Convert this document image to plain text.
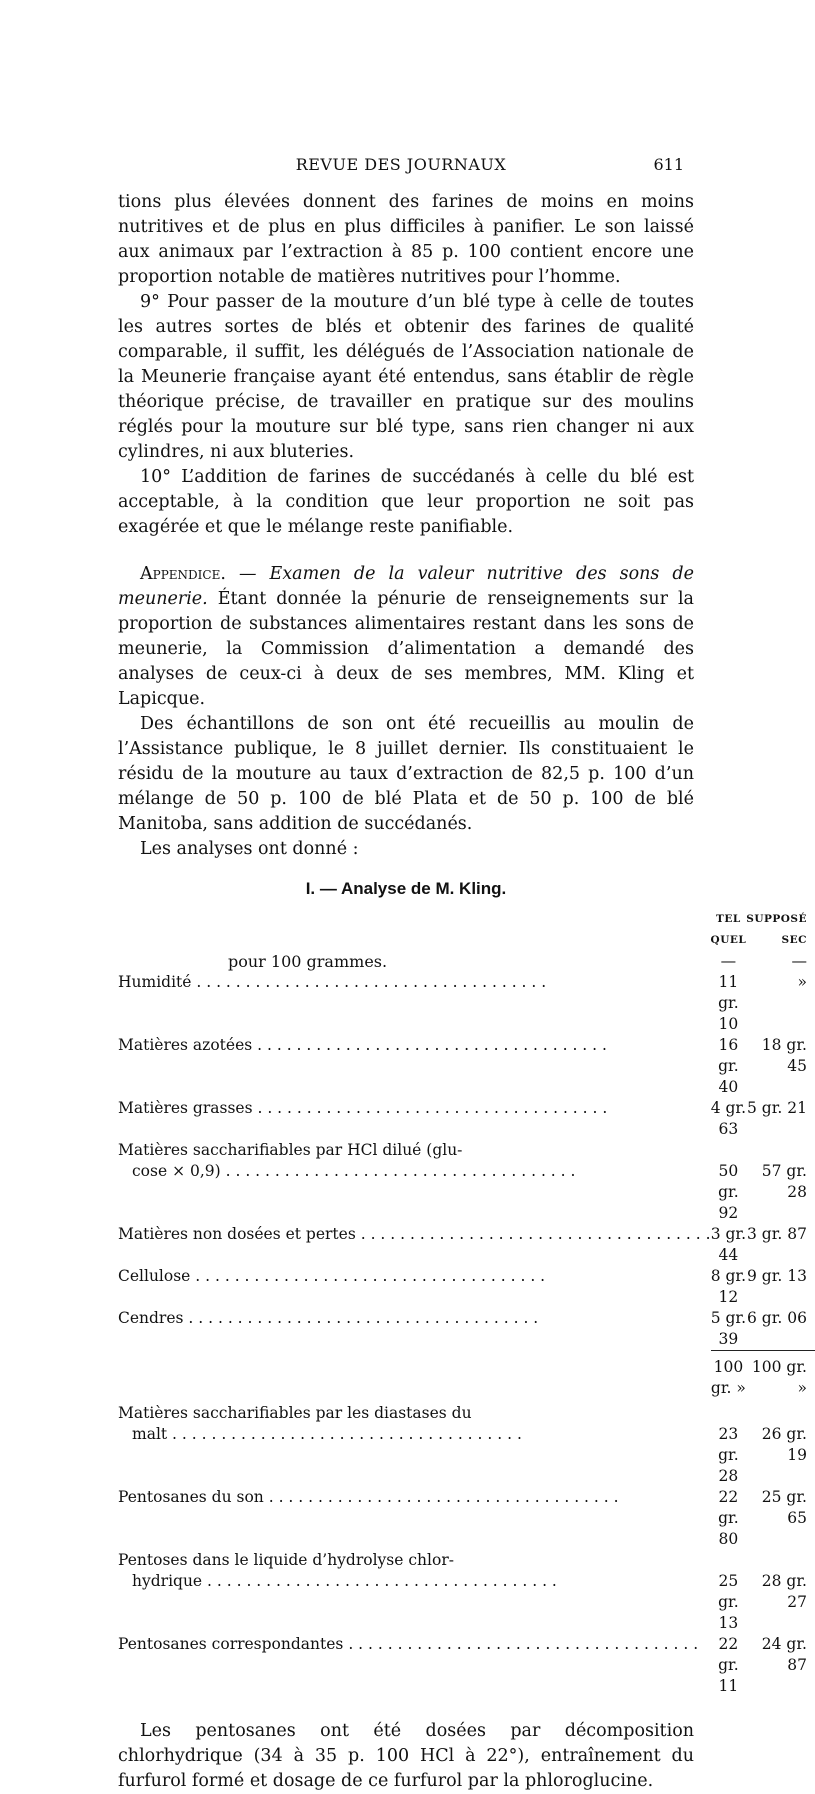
REVUE DES JOURNAUX	611

tions plus élevées donnent des farines de moins en moins nutritives et de plus en plus difficiles à panifier. Le son laissé aux animaux par l’extraction à 85 p. 100 contient encore une proportion notable de matières nutritives pour l’homme.

9° Pour passer de la mouture d’un blé type à celle de toutes les autres sortes de blés et obtenir des farines de qualité comparable, il suffit, les délégués de l’Association nationale de la Meunerie française ayant été entendus, sans établir de règle théorique précise, de travailler en pratique sur des moulins réglés pour la mouture sur blé type, sans rien changer ni aux cylindres, ni aux bluteries.

10° L’addition de farines de succédanés à celle du blé est acceptable, à la condition que leur proportion ne soit pas exagérée et que le mélange reste panifiable.

Appendice. — Examen de la valeur nutritive des sons de meunerie. Étant donnée la pénurie de renseignements sur la proportion de substances alimentaires restant dans les sons de meunerie, la Commission d’alimentation a demandé des analyses de ceux-ci à deux de ses membres, MM. Kling et Lapicque.

Des échantillons de son ont été recueillis au moulin de l’Assistance publique, le 8 juillet dernier. Ils constituaient le résidu de la mouture au taux d’extraction de 82,5 p. 100 d’un mélange de 50 p. 100 de blé Plata et de 50 p. 100 de blé Manitoba, sans addition de succédanés.

Les analyses ont donné :

I. — Analyse de M. Kling.

	TEL QUEL	SUPPOSÉ SEC
pour 100 grammes.	—	—
Humidité . . .	11 gr. 10	»
Matières azotées . . .	16 gr. 40	18 gr. 45
Matières grasses . . .	4 gr. 63	5 gr. 21
Matières saccharifiables par HCl dilué (glu-		
cose × 0,9) . . .	50 gr. 92	57 gr. 28
Matières non dosées et pertes . . .	3 gr. 44	3 gr. 87
Cellulose . . .	8 gr. 12	9 gr. 13
Cendres . . .	5 gr. 39	6 gr. 06
	100 gr. »	100 gr. »
Matières saccharifiables par les diastases du		
malt . . .	23 gr. 28	26 gr. 19
Pentosanes du son . . .	22 gr. 80	25 gr. 65
Pentoses dans le liquide d’hydrolyse chlor-		
hydrique . . .	25 gr. 13	28 gr. 27
Pentosanes correspondantes . . .	22 gr. 11	24 gr. 87

Les pentosanes ont été dosées par décomposition chlorhydrique (34 à 35 p. 100 HCl à 22°), entraînement du furfurol formé et dosage de ce furfurol par la phloroglucine.
